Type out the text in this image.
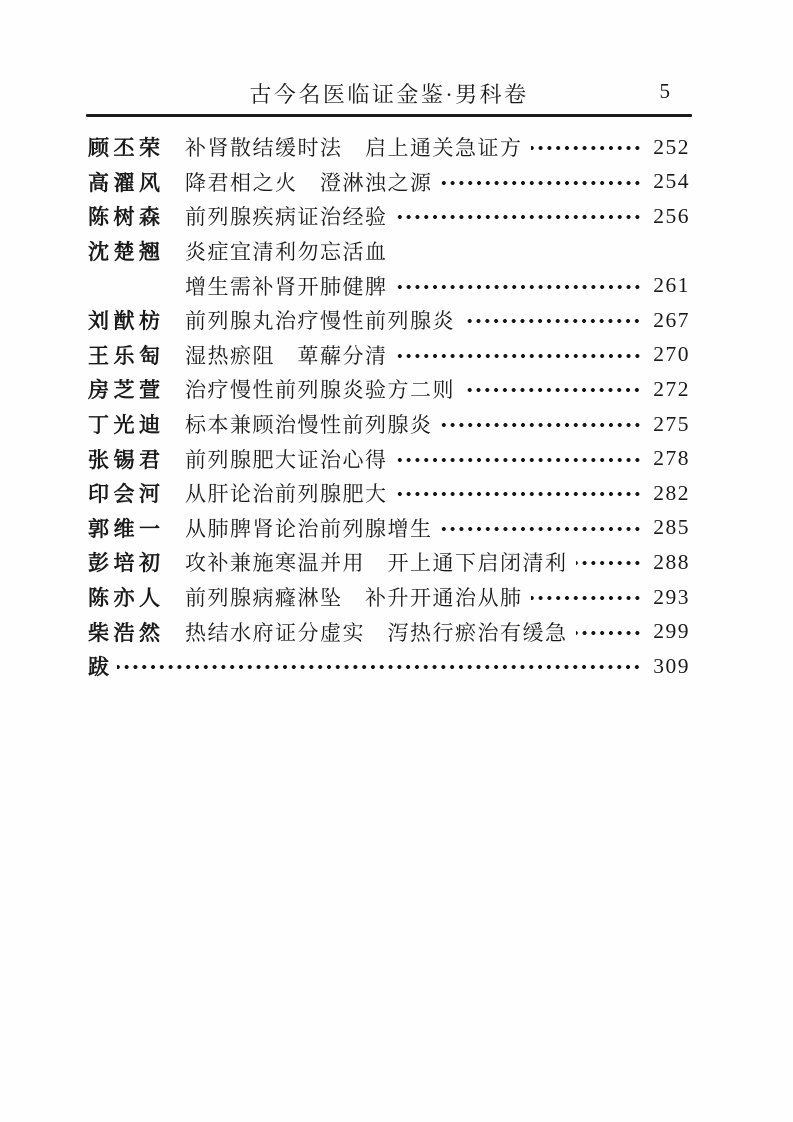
古今名医临证金鉴·男科卷	5
顾丕荣 补肾散结缓时法　启上通关急证方	252
高濯风 降君相之火　澄淋浊之源	254
陈树森 前列腺疾病证治经验	256
沈楚翘 炎症宜清利勿忘活血
增生需补肾开肺健脾	261
刘猷枋 前列腺丸治疗慢性前列腺炎	267
王乐匋 湿热瘀阻　萆薢分清	270
房芝萱 治疗慢性前列腺炎验方二则	272
丁光迪 标本兼顾治慢性前列腺炎	275
张锡君 前列腺肥大证治心得	278
印会河 从肝论治前列腺肥大	282
郭维一 从肺脾肾论治前列腺增生	285
彭培初 攻补兼施寒温并用　开上通下启闭清利	288
陈亦人 前列腺病癃淋坠　补升开通治从肺	293
柴浩然 热结水府证分虚实　泻热行瘀治有缓急	299
跋	309
